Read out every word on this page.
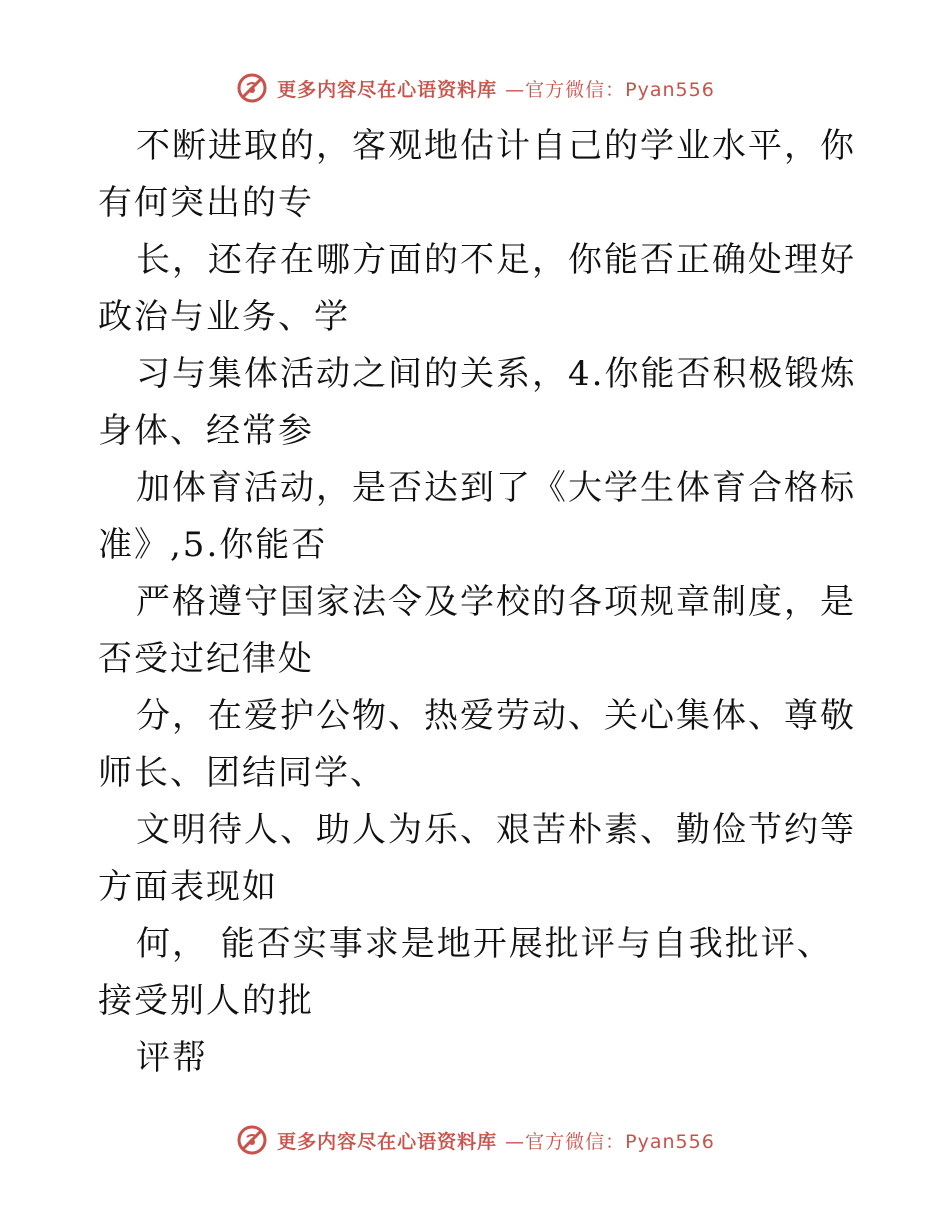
更多内容尽在心语资料库 —官方微信：Pyan556

不断进取的，客观地估计自己的学业水平，你有何突出的专

长，还存在哪方面的不足，你能否正确处理好政治与业务、学

习与集体活动之间的关系，4.你能否积极锻炼身体、经常参

加体育活动，是否达到了《大学生体育合格标准》,5.你能否

严格遵守国家法令及学校的各项规章制度，是否受过纪律处

分，在爱护公物、热爱劳动、关心集体、尊敬师长、团结同学、

文明待人、助人为乐、艰苦朴素、勤俭节约等方面表现如

何， 能否实事求是地开展批评与自我批评、接受别人的批

评帮

更多内容尽在心语资料库 —官方微信：Pyan556
